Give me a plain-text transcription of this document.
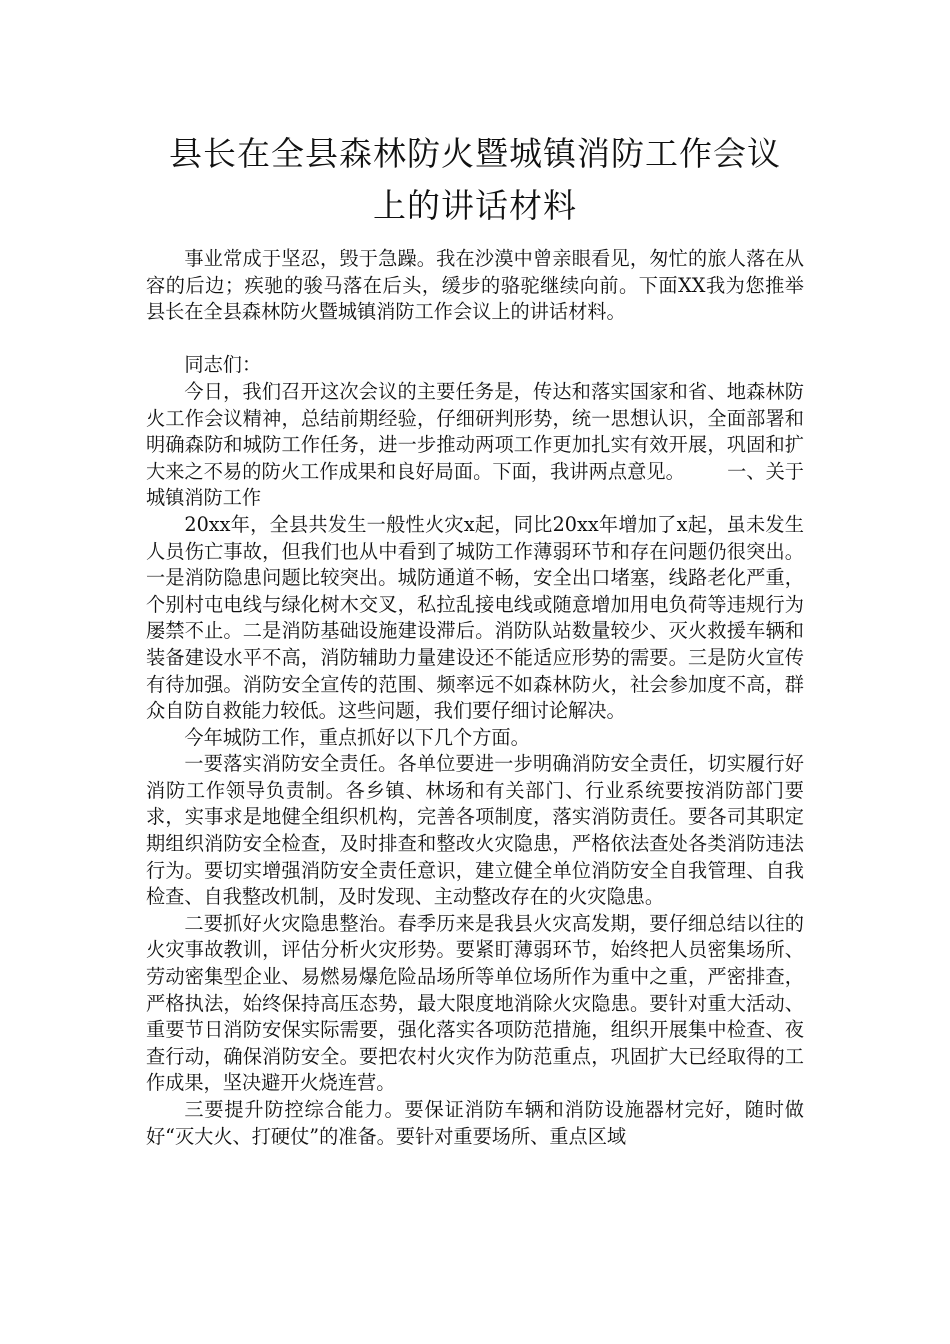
县长在全县森林防火暨城镇消防工作会议
上的讲话材料

事业常成于坚忍，毁于急躁。我在沙漠中曾亲眼看见，匆忙的旅人落在从容的后边；疾驰的骏马落在后头，缓步的骆驼继续向前。下面XX我为您推举县长在全县森林防火暨城镇消防工作会议上的讲话材料。

同志们：

今日，我们召开这次会议的主要任务是，传达和落实国家和省、地森林防火工作会议精神，总结前期经验，仔细研判形势，统一思想认识，全面部署和明确森防和城防工作任务，进一步推动两项工作更加扎实有效开展，巩固和扩大来之不易的防火工作成果和良好局面。下面，我讲两点意见。 一、关于城镇消防工作

20xx年，全县共发生一般性火灾x起，同比20xx年增加了x起，虽未发生人员伤亡事故，但我们也从中看到了城防工作薄弱环节和存在问题仍很突出。一是消防隐患问题比较突出。城防通道不畅，安全出口堵塞，线路老化严重，个别村屯电线与绿化树木交叉，私拉乱接电线或随意增加用电负荷等违规行为屡禁不止。二是消防基础设施建设滞后。消防队站数量较少、灭火救援车辆和装备建设水平不高，消防辅助力量建设还不能适应形势的需要。三是防火宣传有待加强。消防安全宣传的范围、频率远不如森林防火，社会参加度不高，群众自防自救能力较低。这些问题，我们要仔细讨论解决。

今年城防工作，重点抓好以下几个方面。

一要落实消防安全责任。各单位要进一步明确消防安全责任，切实履行好消防工作领导负责制。各乡镇、林场和有关部门、行业系统要按消防部门要求，实事求是地健全组织机构，完善各项制度，落实消防责任。要各司其职定期组织消防安全检查，及时排查和整改火灾隐患，严格依法查处各类消防违法行为。要切实增强消防安全责任意识，建立健全单位消防安全自我管理、自我检查、自我整改机制，及时发现、主动整改存在的火灾隐患。

二要抓好火灾隐患整治。春季历来是我县火灾高发期，要仔细总结以往的火灾事故教训，评估分析火灾形势。要紧盯薄弱环节，始终把人员密集场所、劳动密集型企业、易燃易爆危险品场所等单位场所作为重中之重，严密排查，严格执法，始终保持高压态势，最大限度地消除火灾隐患。要针对重大活动、重要节日消防安保实际需要，强化落实各项防范措施，组织开展集中检查、夜查行动，确保消防安全。要把农村火灾作为防范重点，巩固扩大已经取得的工作成果，坚决避开火烧连营。

三要提升防控综合能力。要保证消防车辆和消防设施器材完好，随时做好“灭大火、打硬仗”的准备。要针对重要场所、重点区域
